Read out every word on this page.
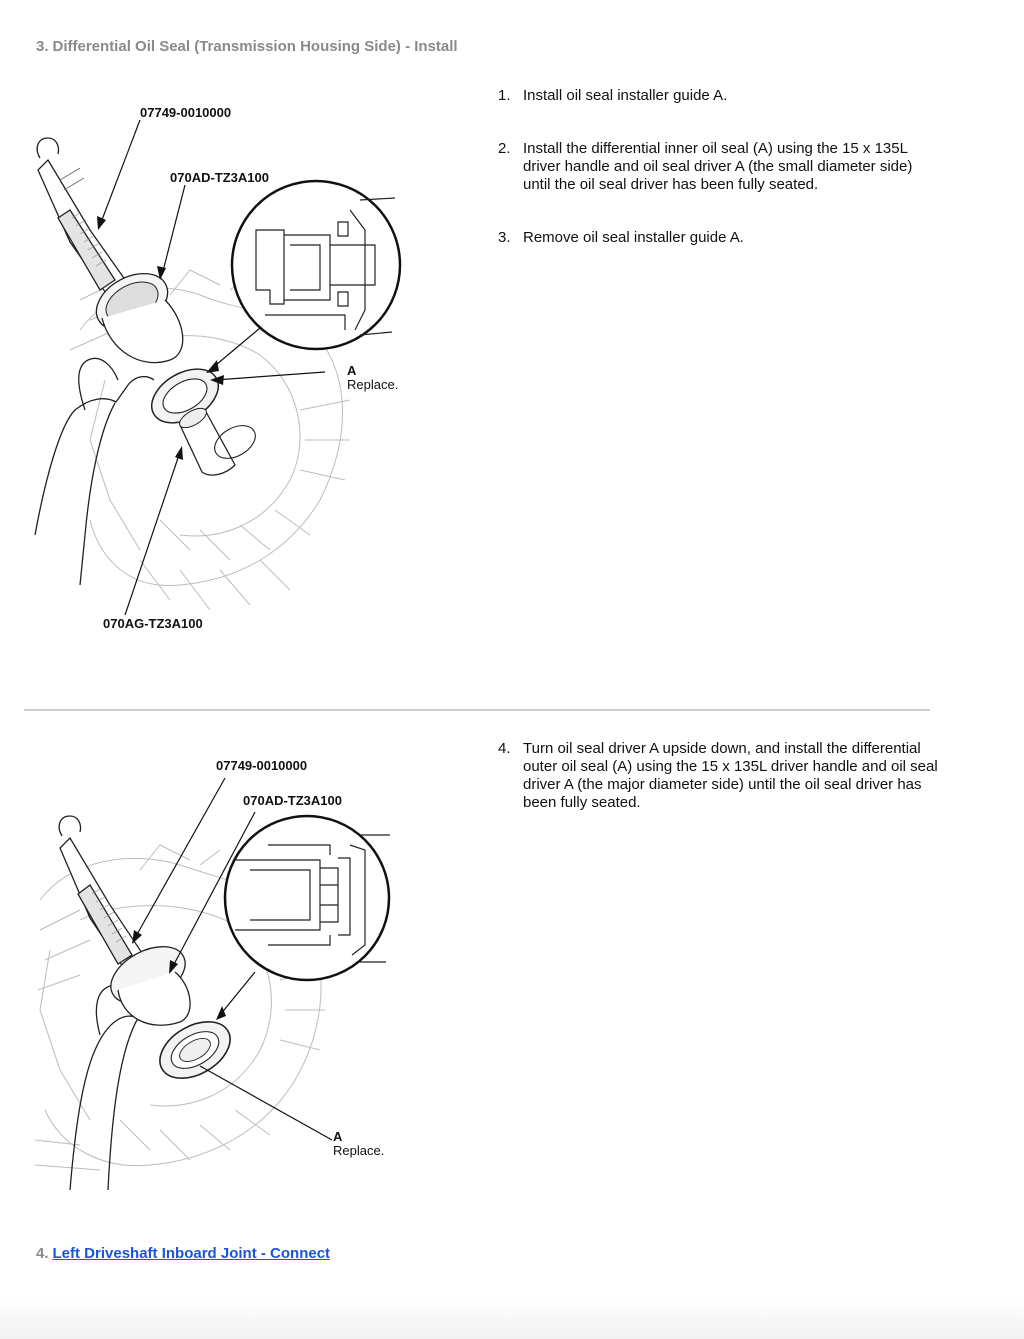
3. Differential Oil Seal (Transmission Housing Side) - Install
07749-0010000
070AD-TZ3A100
070AG-TZ3A100
A
Replace.
1. Install oil seal installer guide A.
2. Install the differential inner oil seal (A) using the 15 x 135L driver handle and oil seal driver A (the small diameter side) until the oil seal driver has been fully seated.
3. Remove oil seal installer guide A.
07749-0010000
070AD-TZ3A100
A
Replace.
4. Turn oil seal driver A upside down, and install the differential outer oil seal (A) using the 15 x 135L driver handle and oil seal driver A (the major diameter side) until the oil seal driver has been fully seated.
4. Left Driveshaft Inboard Joint - Connect
